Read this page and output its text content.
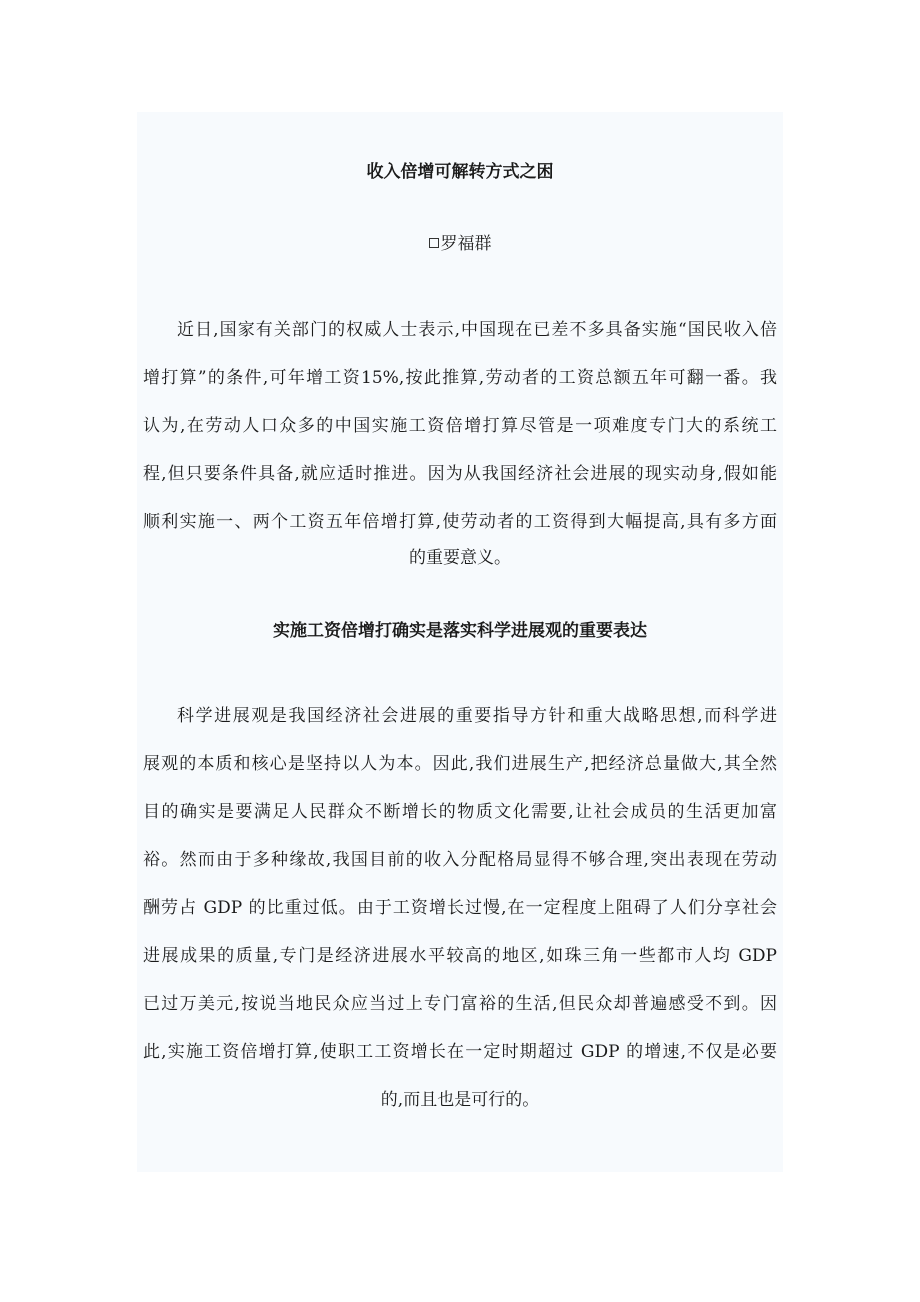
收入倍增可解转方式之困
罗福群
近日,国家有关部门的权威人士表示,中国现在已差不多具备实施“国民收入倍
增打算”的条件,可年增工资15%,按此推算,劳动者的工资总额五年可翻一番。我
认为,在劳动人口众多的中国实施工资倍增打算尽管是一项难度专门大的系统工
程,但只要条件具备,就应适时推进。因为从我国经济社会进展的现实动身,假如能
顺利实施一、两个工资五年倍增打算,使劳动者的工资得到大幅提高,具有多方面
的重要意义。
实施工资倍增打确实是落实科学进展观的重要表达
科学进展观是我国经济社会进展的重要指导方针和重大战略思想,而科学进
展观的本质和核心是坚持以人为本。因此,我们进展生产,把经济总量做大,其全然
目的确实是要满足人民群众不断增长的物质文化需要,让社会成员的生活更加富
裕。然而由于多种缘故,我国目前的收入分配格局显得不够合理,突出表现在劳动
酬劳占 GDP 的比重过低。由于工资增长过慢,在一定程度上阻碍了人们分享社会
进展成果的质量,专门是经济进展水平较高的地区,如珠三角一些都市人均 GDP
已过万美元,按说当地民众应当过上专门富裕的生活,但民众却普遍感受不到。因
此,实施工资倍增打算,使职工工资增长在一定时期超过 GDP 的增速,不仅是必要
的,而且也是可行的。
